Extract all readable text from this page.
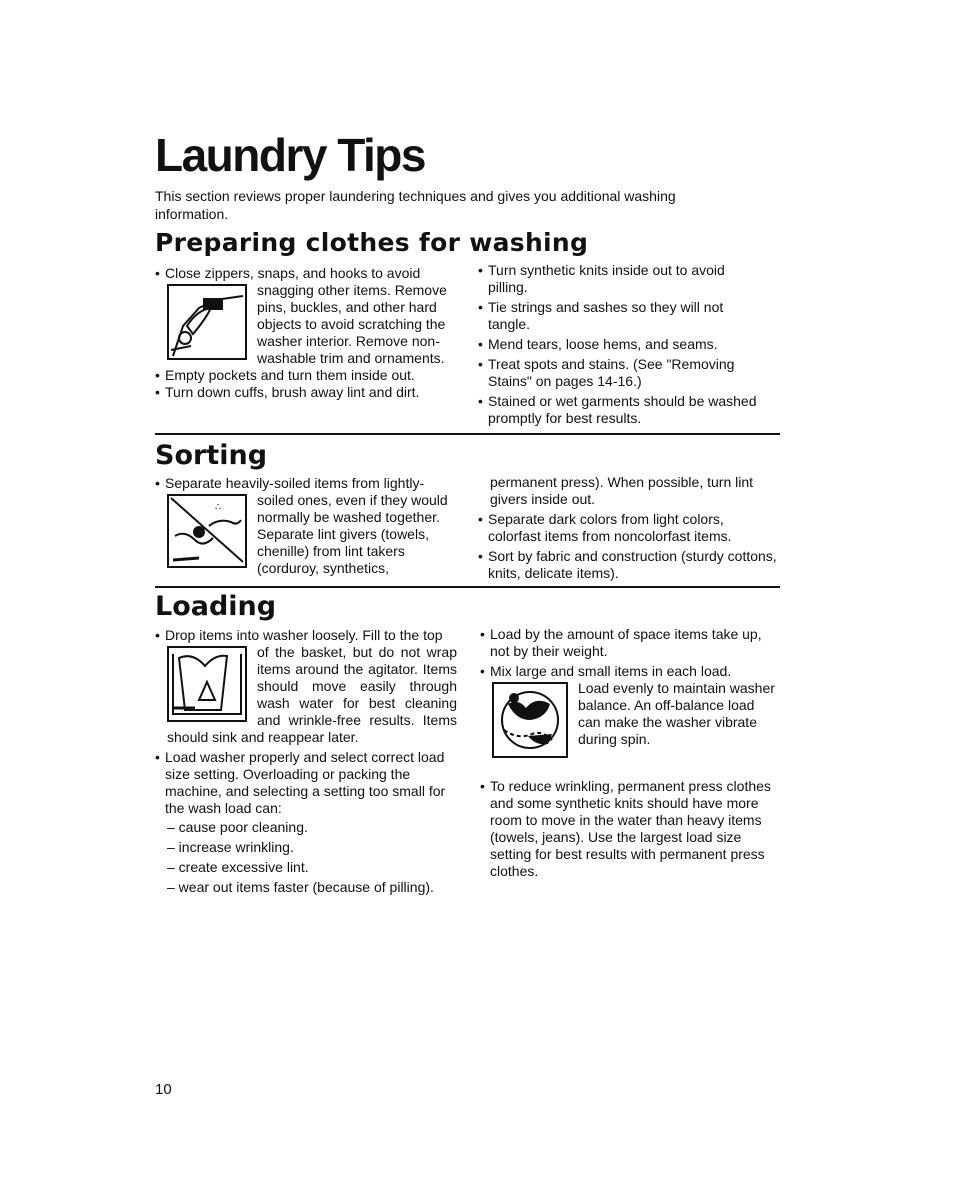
Laundry Tips
This section reviews proper laundering techniques and gives you additional washing information.
Preparing clothes for washing
• Close zippers, snaps, and hooks to avoid
snagging other items. Remove pins, buckles, and other hard objects to avoid scratching the washer interior. Remove non-washable trim and ornaments.
• Empty pockets and turn them inside out.
• Turn down cuffs, brush away lint and dirt.
• Turn synthetic knits inside out to avoid pilling.
• Tie strings and sashes so they will not tangle.
• Mend tears, loose hems, and seams.
• Treat spots and stains. (See "Removing Stains" on pages 14-16.)
• Stained or wet garments should be washed promptly for best results.
Sorting
• Separate heavily-soiled items from lightly-
∴	soiled ones, even if they would normally be washed together. Separate lint givers (towels, chenille) from lint takers (corduroy, synthetics,

permanent press). When possible, turn lint givers inside out.

• Separate dark colors from light colors, colorfast items from noncolorfast items.
• Sort by fabric and construction (sturdy cottons, knits, delicate items).
Loading
• Drop items into washer loosely. Fill to the top
of the basket, but do not wrap items around the agitator. Items should move easily through wash water for best cleaning and wrinkle-free results. Items should sink and reappear later.
• Load washer properly and select correct load size setting. Overloading or packing the machine, and selecting a setting too small for the wash load can:

– cause poor cleaning.

– increase wrinkling.

– create excessive lint.

– wear out items faster (because of pilling).

• Load by the amount of space items take up, not by their weight.
• Mix large and small items in each load.
Load evenly to maintain washer balance. An off-balance load can make the washer vibrate during spin.
• To reduce wrinkling, permanent press clothes and some synthetic knits should have more room to move in the water than heavy items (towels, jeans). Use the largest load size setting for best results with permanent press clothes.
10
